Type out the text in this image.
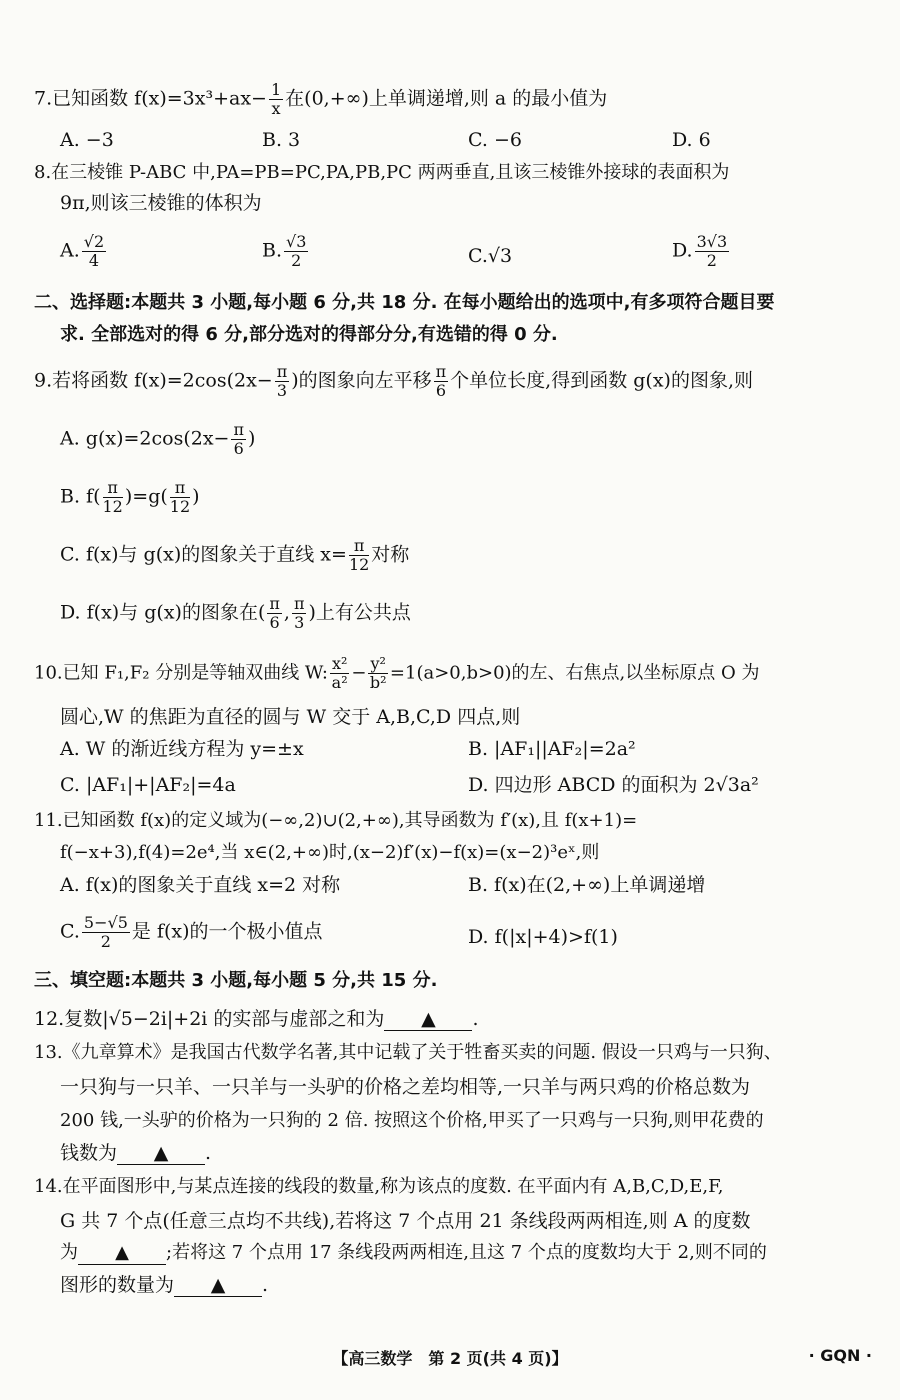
7.已知函数 $f(x)=3x^3+ax- \frac{1}{x}$ 在(0,+∞)上单调递增,则 a 的最小值为
A. −3	B. 3	C. −6	D. 6
8.在三棱锥 P-ABC 中,PA=PB=PC,PA,PB,PC 两两垂直,且该三棱锥外接球的表面积为
9π,则该三棱锥的体积为
A. $\frac{√2}{4}$	B. $\frac{√3}{2}$	C.√3	D. $\frac{3√3}{2}$
二、选择题:本题共 3 小题,每小题 6 分,共 18 分. 在每小题给出的选项中,有多项符合题目要
求. 全部选对的得 6 分,部分选对的得部分分,有选错的得 0 分.
9.若将函数 $f(x)=2\cos(2x- \frac{\pi}{3}$ )的图象向左平移 $\frac{\pi}{6}$ 个单位长度,得到函数 g(x)的图象,则
A. $g(x)=2\cos(2x- \frac{\pi}{6}$ )
B. $f( \frac{\pi}{12} )=g( \frac{\pi}{12}$ )
C. f(x)与 g(x)的图象关于直线 $x= \frac{\pi}{12}$ 对称
D. f(x)与 g(x)的图象在( $\frac{\pi}{6}$ , $\frac{\pi}{3}$ )上有公共点
10.已知 F₁,F₂ 分别是等轴双曲线 W: $\frac{\text{x²}}{\text{a²}} - \frac{\text{y²}}{\text{b²}} =1(a>0,b>0)$的左、右焦点,以坐标原点 O 为
圆心,W 的焦距为直径的圆与 W 交于 A,B,C,D 四点,则
A. W 的渐近线方程为 y=±x	B. |AF₁||AF₂|=2a²
C. |AF₁|+|AF₂|=4a	D. 四边形 ABCD 的面积为 2√3a²
11.已知函数 f(x)的定义域为(−∞,2)∪(2,+∞),其导函数为 f′(x),且 f(x+1)=
f(−x+3),f(4)=2e⁴,当 x∈(2,+∞)时,(x−2)f′(x)−f(x)=(x−2)³eˣ,则
A. f(x)的图象关于直线 x=2 对称	B. f(x)在(2,+∞)上单调递增
C. $\frac{5-√5}{2}$ 是 f(x)的一个极小值点	D. f(|x|+4)>f(1)
三、填空题:本题共 3 小题,每小题 5 分,共 15 分.
12.复数|√5−2i|+2i 的实部与虚部之和为 ▲ .
13.《九章算术》是我国古代数学名著,其中记载了关于牲畜买卖的问题. 假设一只鸡与一只狗、
一只狗与一只羊、一只羊与一头驴的价格之差均相等,一只羊与两只鸡的价格总数为
200 钱,一头驴的价格为一只狗的 2 倍. 按照这个价格,甲买了一只鸡与一只狗,则甲花费的
钱数为 ▲ .
14.在平面图形中,与某点连接的线段的数量,称为该点的度数. 在平面内有 A,B,C,D,E,F,
G 共 7 个点(任意三点均不共线),若将这 7 个点用 21 条线段两两相连,则 A 的度数
为 ▲ ;若将这 7 个点用 17 条线段两两相连,且这 7 个点的度数均大于 2,则不同的
图形的数量为 ▲ .
【高三数学　第 2 页(共 4 页)】	· GQN ·
